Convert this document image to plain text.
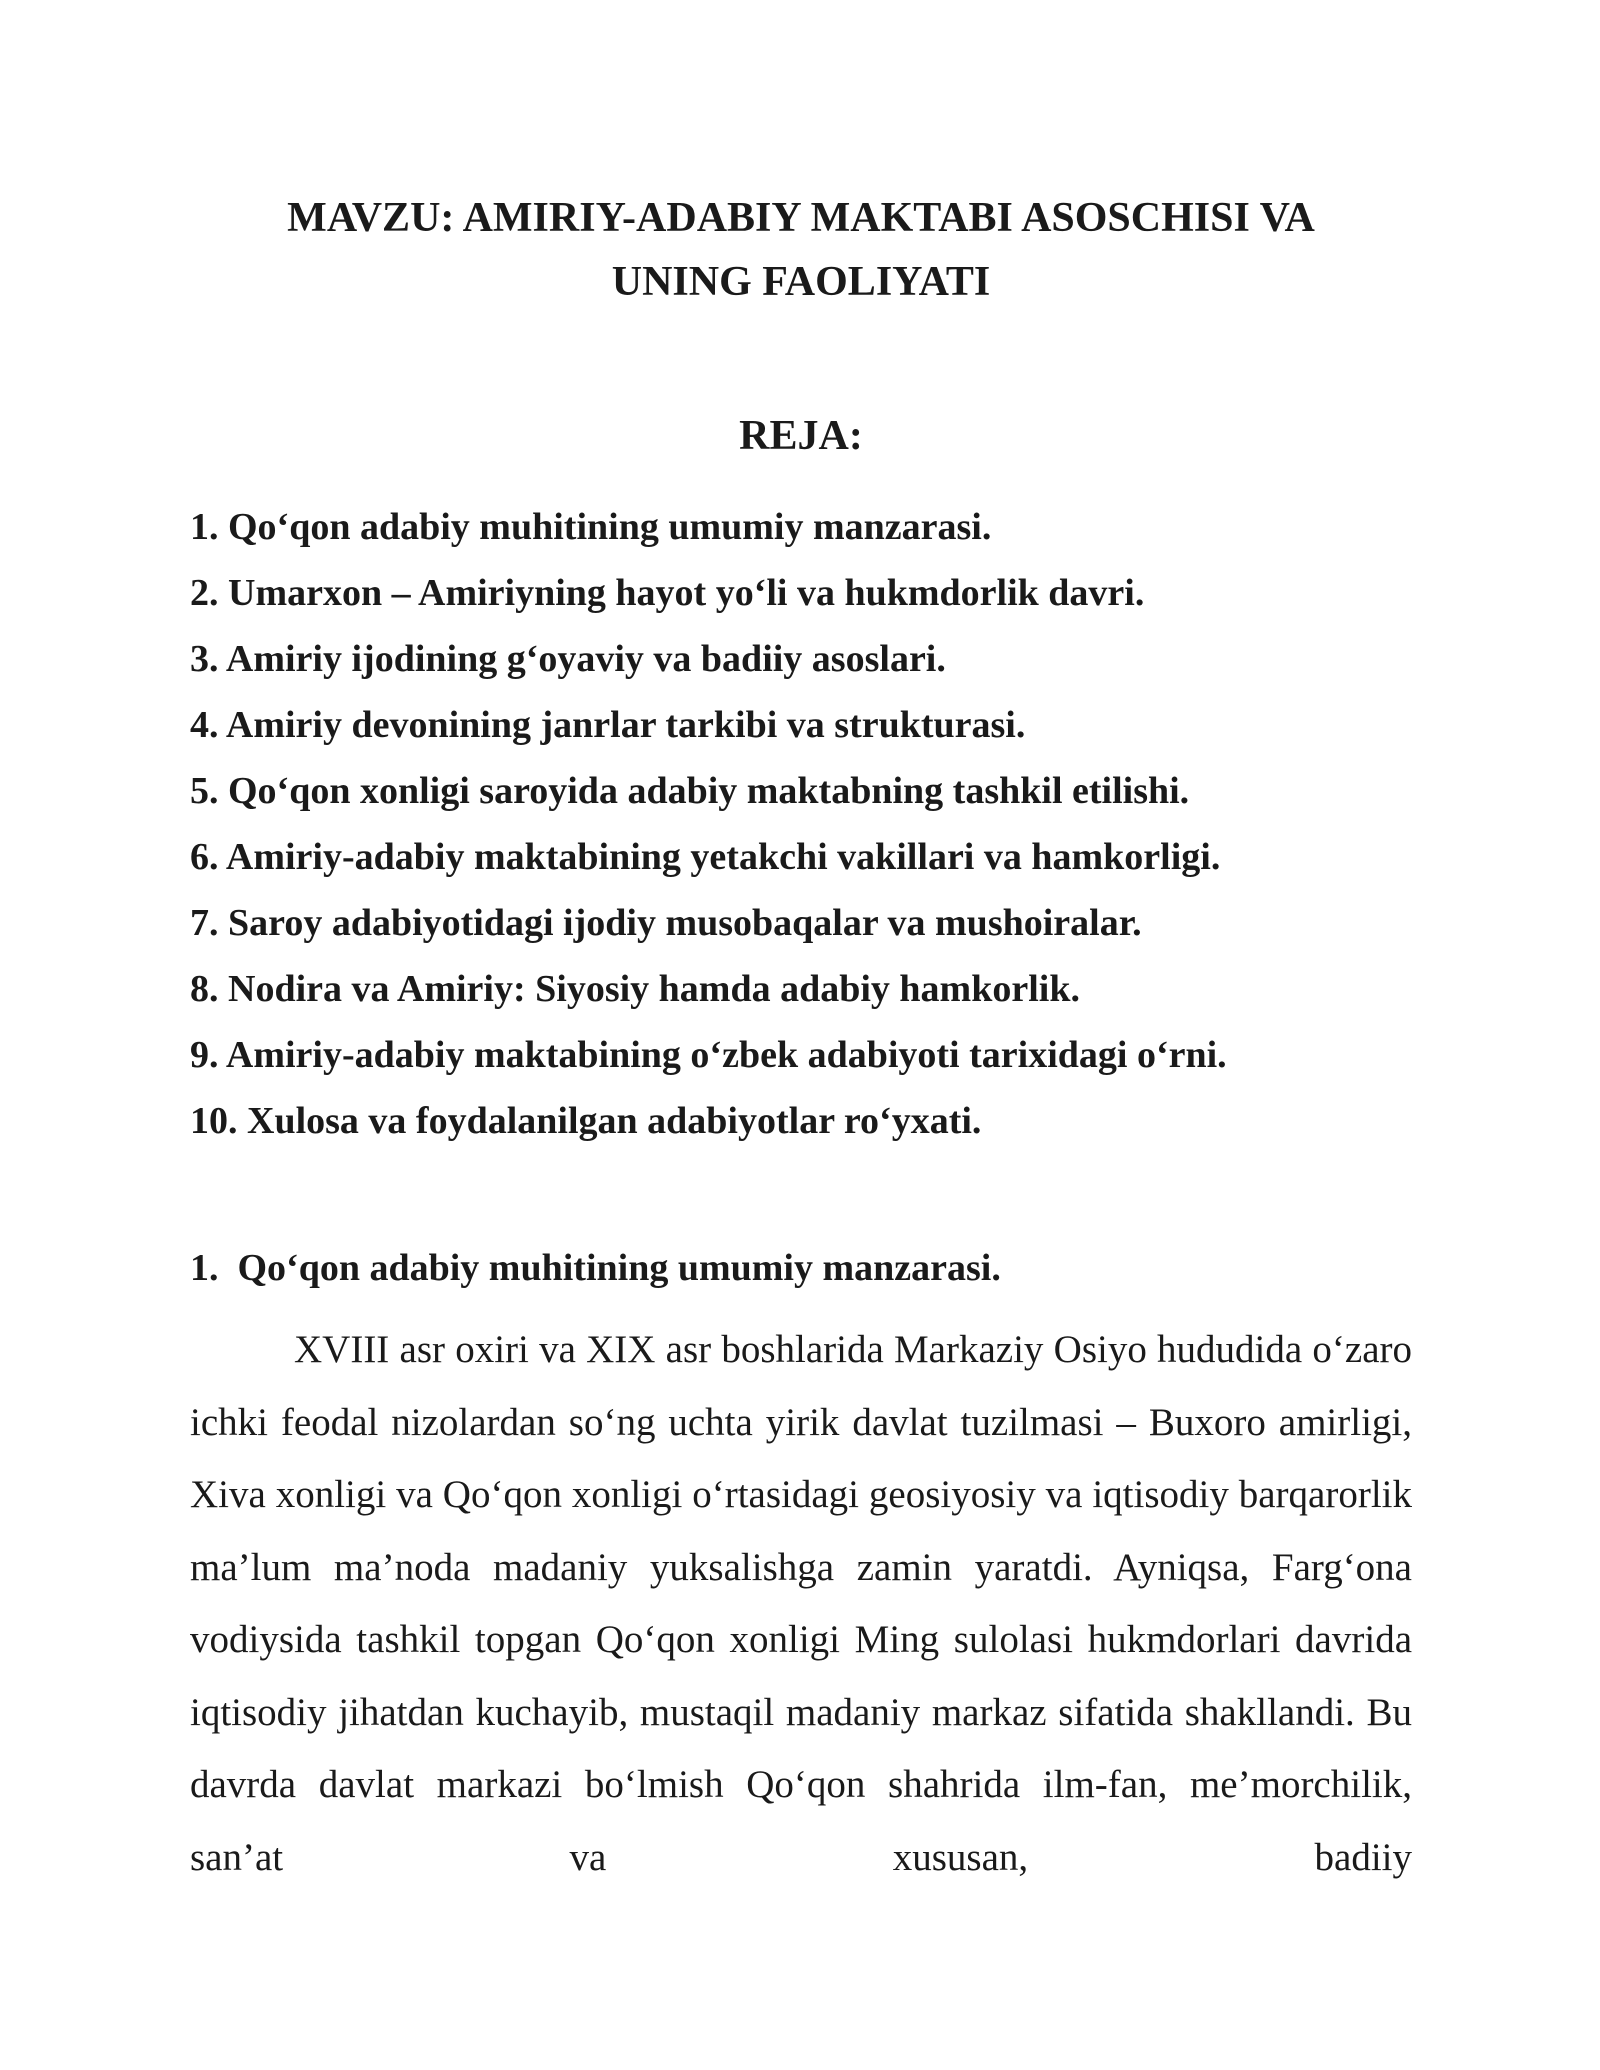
MAVZU: AMIRIY-ADABIY MAKTABI ASOSCHISI VA
UNING FAOLIYATI
REJA:
1. Qo‘qon adabiy muhitining umumiy manzarasi.
2. Umarxon – Amiriyning hayot yo‘li va hukmdorlik davri.
3. Amiriy ijodining g‘oyaviy va badiiy asoslari.
4. Amiriy devonining janrlar tarkibi va strukturasi.
5. Qo‘qon xonligi saroyida adabiy maktabning tashkil etilishi.
6. Amiriy-adabiy maktabining yetakchi vakillari va hamkorligi.
7. Saroy adabiyotidagi ijodiy musobaqalar va mushoiralar.
8. Nodira va Amiriy: Siyosiy hamda adabiy hamkorlik.
9. Amiriy-adabiy maktabining o‘zbek adabiyoti tarixidagi o‘rni.
10. Xulosa va foydalanilgan adabiyotlar ro‘yxati.
1.  Qo‘qon adabiy muhitining umumiy manzarasi.

XVIII asr oxiri va XIX asr boshlarida Markaziy Osiyo hududida o‘zaro ichki feodal nizolardan so‘ng uchta yirik davlat tuzilmasi – Buxoro amirligi, Xiva xonligi va Qo‘qon xonligi o‘rtasidagi geosiyosiy va iqtisodiy barqarorlik ma’lum ma’noda madaniy yuksalishga zamin yaratdi. Ayniqsa, Farg‘ona vodiysida tashkil topgan Qo‘qon xonligi Ming sulolasi hukmdorlari davrida iqtisodiy jihatdan kuchayib, mustaqil madaniy markaz sifatida shakllandi. Bu davrda davlat markazi bo‘lmish Qo‘qon shahrida ilm-fan, me’morchilik, san’at va xususan, badiiy
